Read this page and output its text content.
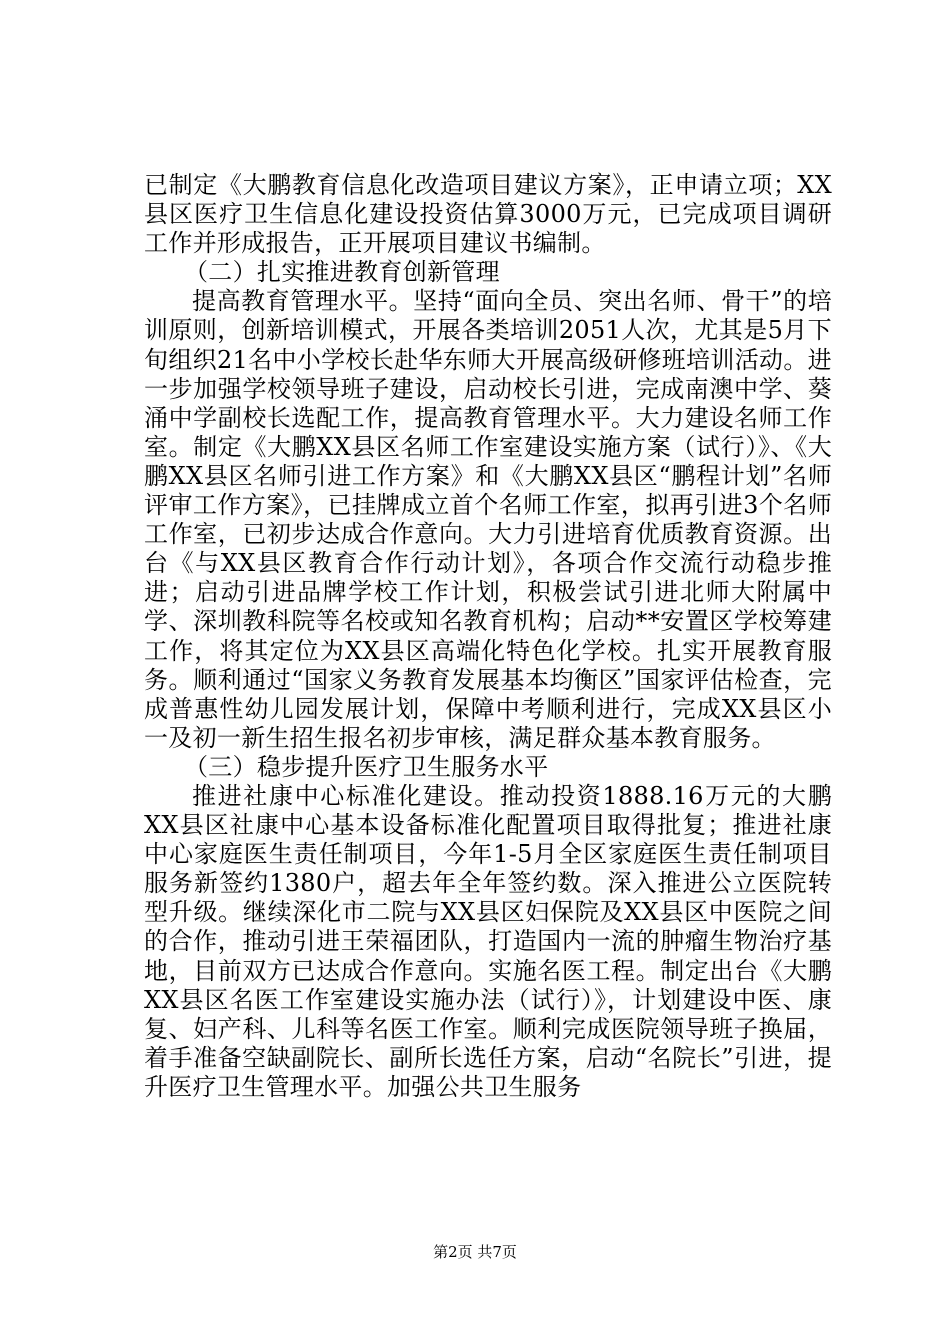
已制定《大鹏教育信息化改造项目建议方案》，正申请立项；XX县区医疗卫生信息化建设投资估算3000万元，已完成项目调研工作并形成报告，正开展项目建议书编制。

（二）扎实推进教育创新管理

提高教育管理水平。坚持“面向全员、突出名师、骨干”的培训原则，创新培训模式，开展各类培训2051人次，尤其是5月下旬组织21名中小学校长赴华东师大开展高级研修班培训活动。进一步加强学校领导班子建设，启动校长引进，完成南澳中学、葵涌中学副校长选配工作，提高教育管理水平。大力建设名师工作室。制定《大鹏XX县区名师工作室建设实施方案（试行）》、《大鹏XX县区名师引进工作方案》和《大鹏XX县区“鹏程计划”名师评审工作方案》，已挂牌成立首个名师工作室，拟再引进3个名师工作室，已初步达成合作意向。大力引进培育优质教育资源。出台《与XX县区教育合作行动计划》，各项合作交流行动稳步推进；启动引进品牌学校工作计划，积极尝试引进北师大附属中学、深圳教科院等名校或知名教育机构；启动**安置区学校筹建工作，将其定位为XX县区高端化特色化学校。扎实开展教育服务。顺利通过“国家义务教育发展基本均衡区”国家评估检查，完成普惠性幼儿园发展计划，保障中考顺利进行，完成XX县区小一及初一新生招生报名初步审核，满足群众基本教育服务。

（三）稳步提升医疗卫生服务水平

推进社康中心标准化建设。推动投资1888.16万元的大鹏XX县区社康中心基本设备标准化配置项目取得批复；推进社康中心家庭医生责任制项目，今年1-5月全区家庭医生责任制项目服务新签约1380户，超去年全年签约数。深入推进公立医院转型升级。继续深化市二院与XX县区妇保院及XX县区中医院之间的合作，推动引进王荣福团队，打造国内一流的肿瘤生物治疗基地，目前双方已达成合作意向。实施名医工程。制定出台《大鹏XX县区名医工作室建设实施办法（试行）》，计划建设中医、康复、妇产科、儿科等名医工作室。顺利完成医院领导班子换届，着手准备空缺副院长、副所长选任方案，启动“名院长”引进，提升医疗卫生管理水平。加强公共卫生服务

第2页 共7页
